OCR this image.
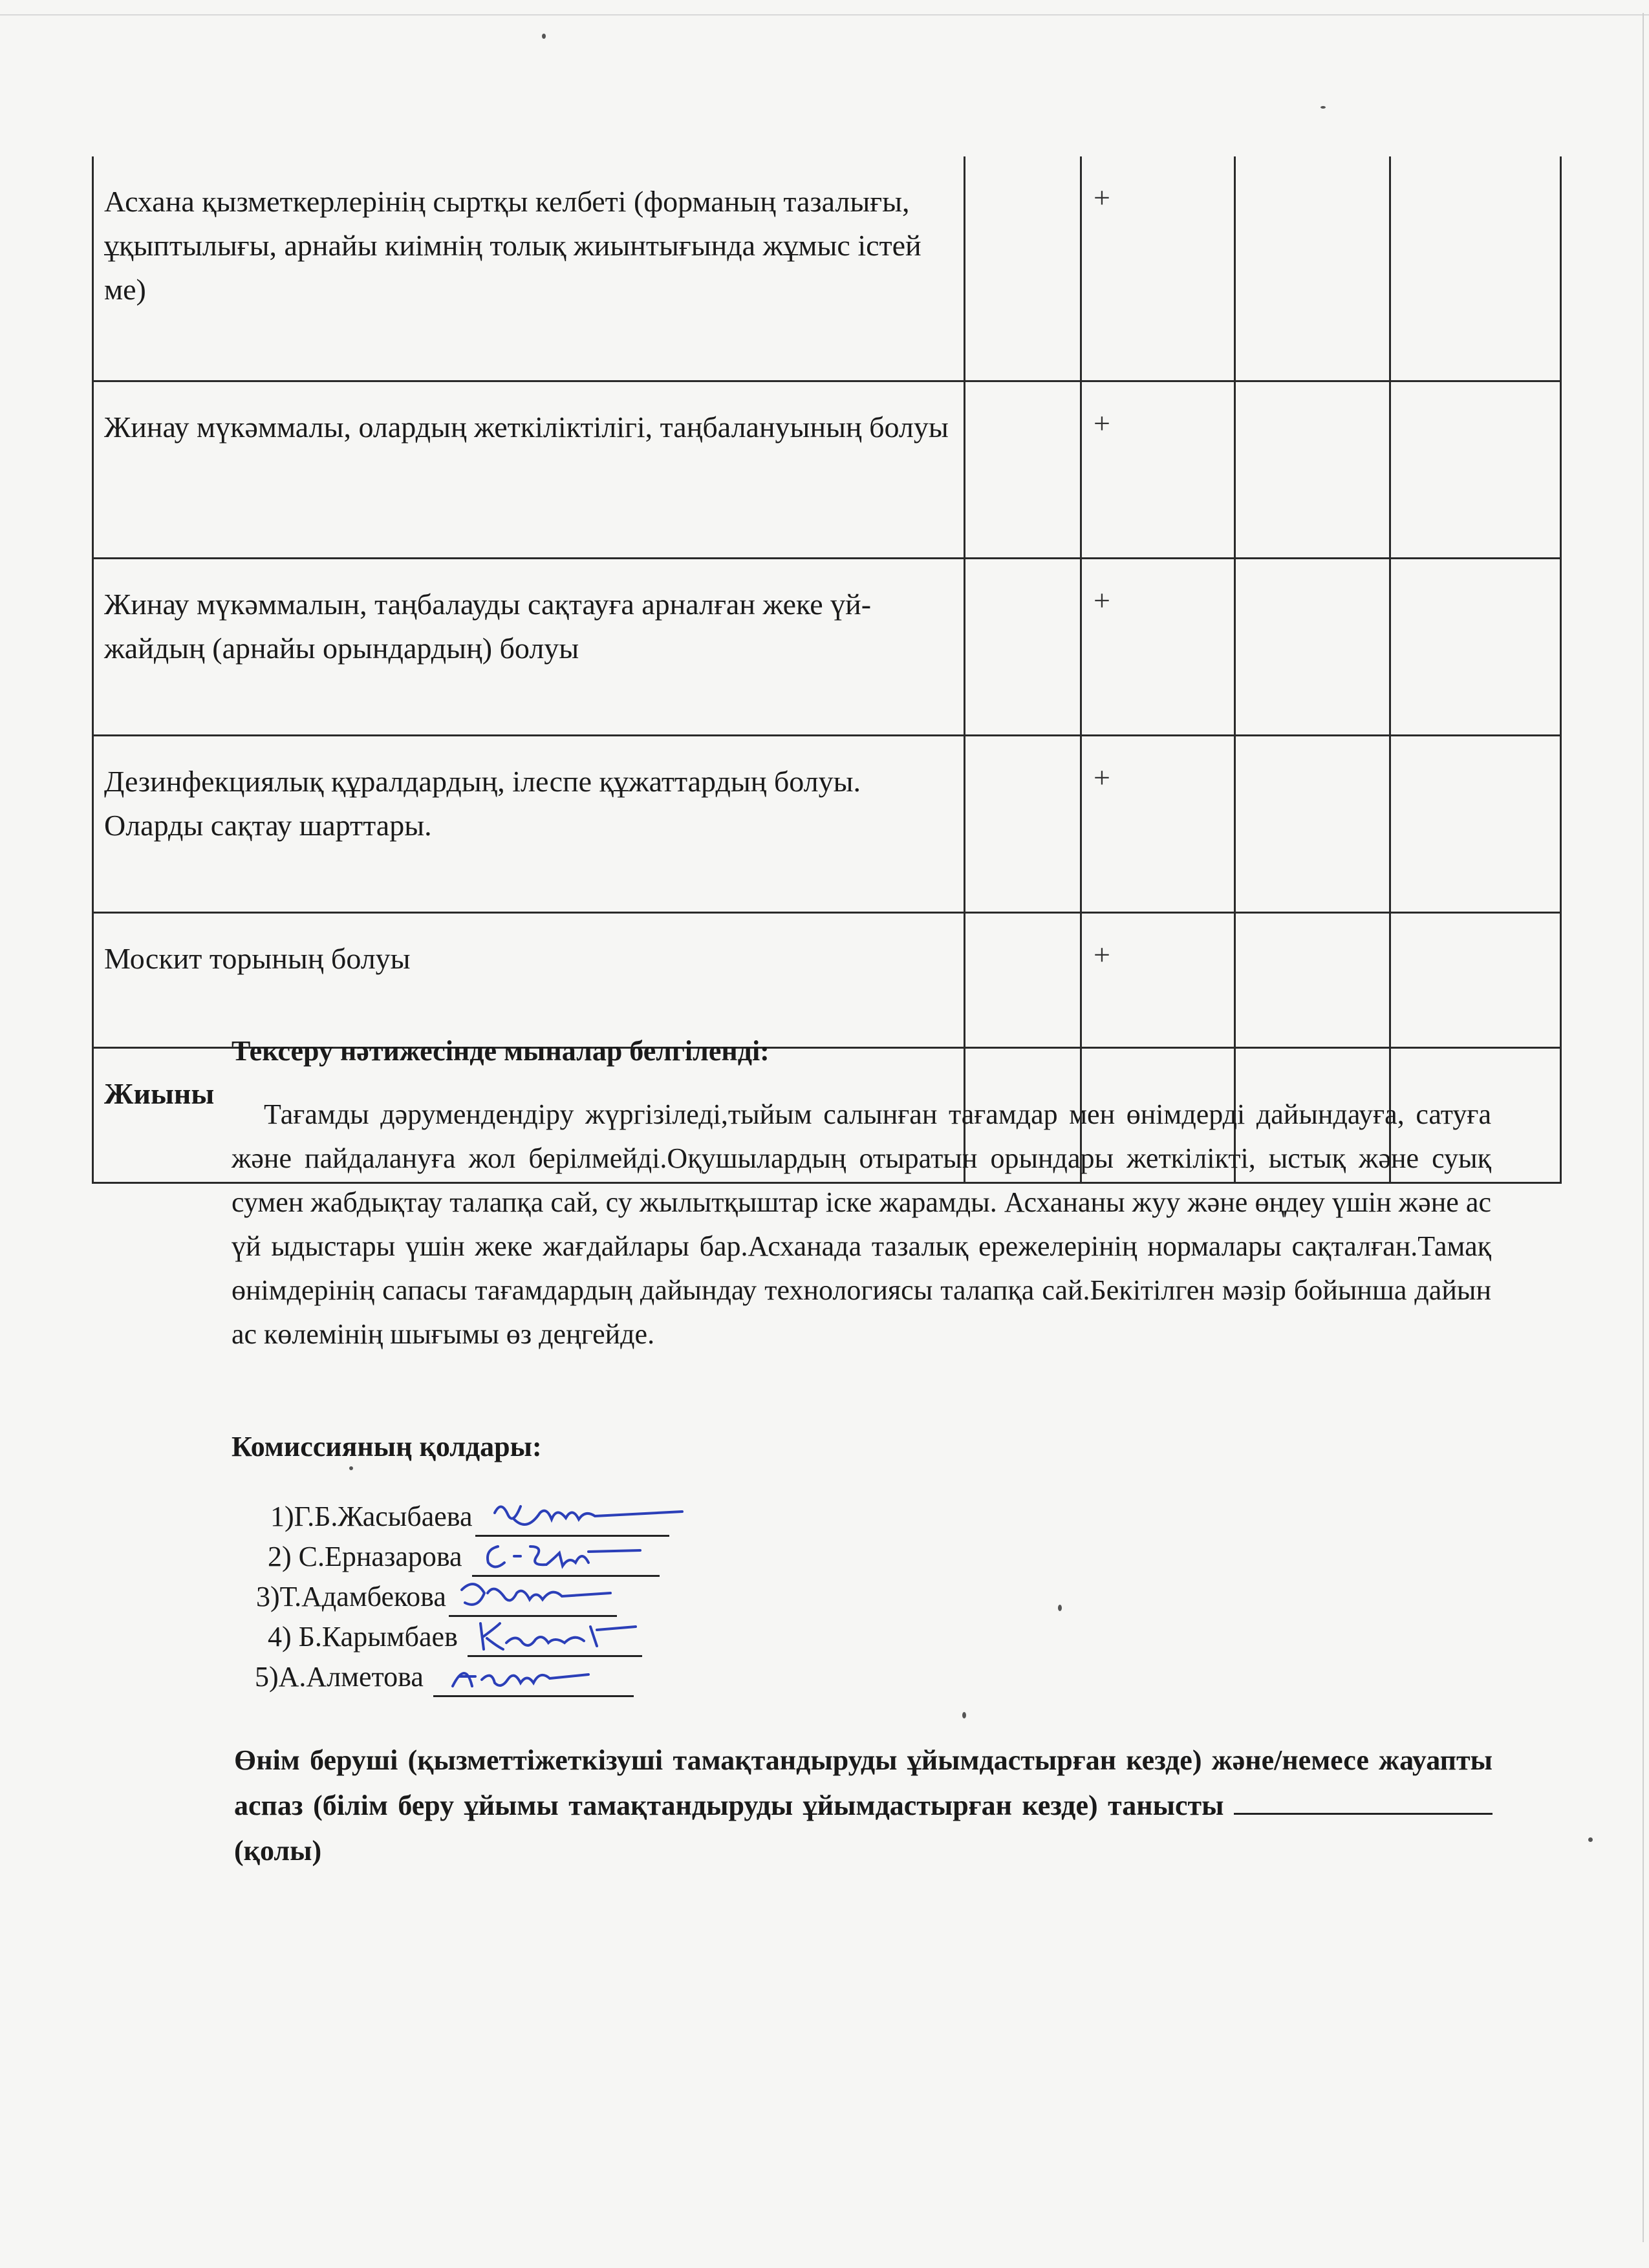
Асхана қызметкерлерінің сыртқы келбеті (форманың тазалығы, ұқыптылығы, арнайы киімнің толық жиынтығында жұмыс істей ме)		+		
Жинау мүкәммалы, олардың жеткіліктілігі, таңбалануының болуы		+		
Жинау мүкәммалын, таңбалауды сақтауға арналған жеке үй-жайдың (арнайы орындардың) болуы		+		
Дезинфекциялық құралдардың, ілеспе құжаттардың болуы. Оларды сақтау шарттары.		+		
Москит торының болуы		+		
Жиыны				

Тексеру нәтижесінде мыналар белгіленді:

Тағамды дәрумендендіру жүргізіледі,тыйым салынған тағамдар мен өнімдерді дайындауға, сатуға және пайдалануға жол берілмейді.Оқушылардың отыратын орындары жеткілікті, ыстық және суық сумен жабдықтау талапқа сай, су жылытқыштар іске жарамды. Асхананы жуу және өңдеу үшін және ас үй ыдыстары үшін жеке жағдайлары бар.Асханада тазалық ережелерінің нормалары сақталған.Тамақ өнімдерінің сапасы тағамдардың дайындау технологиясы талапқа сай.Бекітілген мәзір бойынша дайын ас көлемінің шығымы өз деңгейде.

Комиссияның қолдары:

1)Г.Б.Жасыбаева
2) С.Ерназарова
3)Т.Адамбекова
4) Б.Карымбаев
5)А.Алметова

Өнім беруші (қызметтіжеткізуші тамақтандыруды ұйымдастырған кезде) және/немесе жауапты аспаз (білім беру ұйымы тамақтандыруды ұйымдастырған кезде) танысты  (қолы)
